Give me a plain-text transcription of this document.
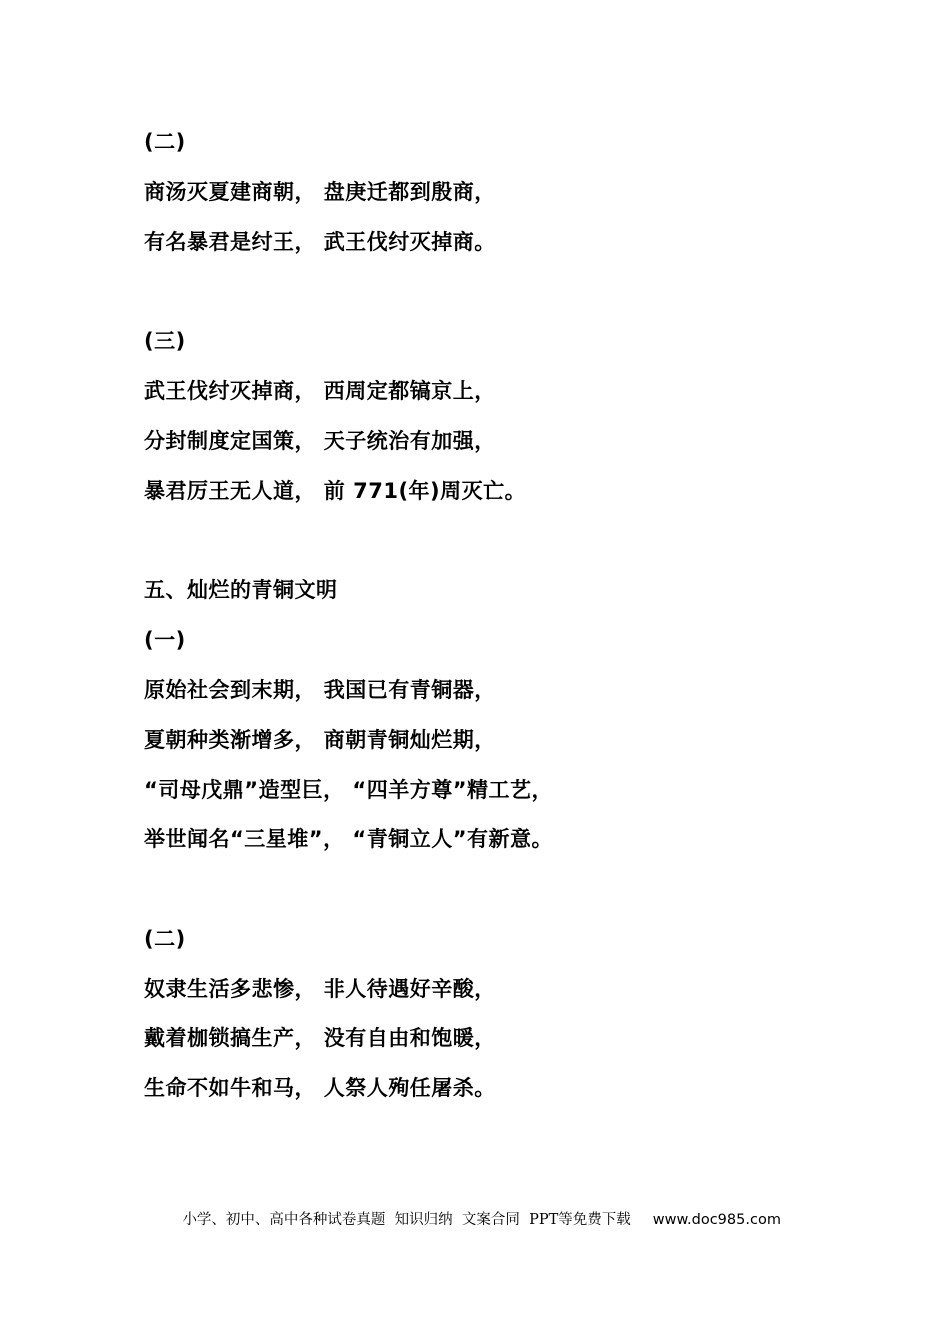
(二)
商汤灭夏建商朝， 盘庚迁都到殷商，
有名暴君是纣王， 武王伐纣灭掉商。
(三)
武王伐纣灭掉商， 西周定都镐京上，
分封制度定国策， 天子统治有加强，
暴君厉王无人道， 前 771(年)周灭亡。
五、灿烂的青铜文明
(一)
原始社会到末期， 我国已有青铜器，
夏朝种类渐增多， 商朝青铜灿烂期，
“司母戊鼎”造型巨， “四羊方尊”精工艺，
举世闻名“三星堆”， “青铜立人”有新意。
(二)
奴隶生活多悲惨， 非人待遇好辛酸，
戴着枷锁搞生产， 没有自由和饱暖，
生命不如牛和马， 人祭人殉任屠杀。

小学、初中、高中各种试卷真题  知识归纳  文案合同  PPT等免费下载 www.doc985.com
